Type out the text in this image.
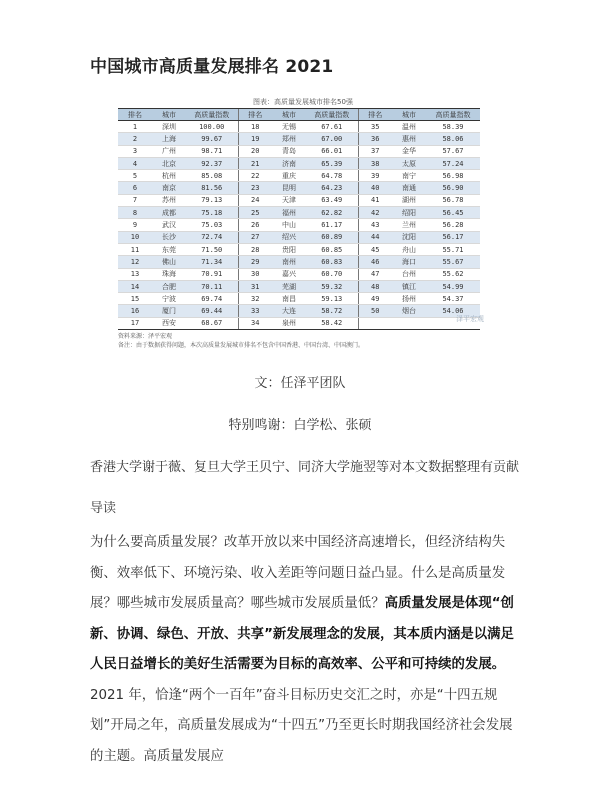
中国城市高质量发展排名 2021
图表：高质量发展城市排名50强
排名	城市	高质量指数	排名	城市	高质量指数	排名	城市	高质量指数
1	深圳	100.00	18	无锡	67.61	35	温州	58.39
2	上海	99.67	19	郑州	67.00	36	惠州	58.06
3	广州	98.71	20	青岛	66.01	37	金华	57.67
4	北京	92.37	21	济南	65.39	38	太原	57.24
5	杭州	85.08	22	重庆	64.78	39	南宁	56.98
6	南京	81.56	23	昆明	64.23	40	南通	56.90
7	苏州	79.13	24	天津	63.49	41	湖州	56.78
8	成都	75.18	25	福州	62.82	42	绍阳	56.45
9	武汉	75.03	26	中山	61.17	43	兰州	56.28
10	长沙	72.74	27	绍兴	60.89	44	沈阳	56.17
11	东莞	71.50	28	贵阳	60.85	45	舟山	55.71
12	佛山	71.34	29	南州	60.83	46	海口	55.67
13	珠海	70.91	30	嘉兴	60.70	47	台州	55.62
14	合肥	70.11	31	芜湖	59.32	48	镇江	54.99
15	宁波	69.74	32	南昌	59.13	49	扬州	54.37
16	厦门	69.44	33	大连	58.72	50	烟台	54.06
17	西安	68.67	34	泉州	58.42			
泽平宏观
资料来源：泽平宏观
备注：由于数据获得问题，本次高质量发展城市排名不包含中国香港、中国台湾、中国澳门。
文：任泽平团队
特别鸣谢：白学松、张硕
香港大学谢于薇、复旦大学王贝宁、同济大学施翌等对本文数据整理有贡献
导读
为什么要高质量发展？改革开放以来中国经济高速增长，但经济结构失衡、效率低下、环境污染、收入差距等问题日益凸显。什么是高质量发展？哪些城市发展质量高？哪些城市发展质量低？高质量发展是体现“创新、协调、绿色、开放、共享”新发展理念的发展，其本质内涵是以满足人民日益增长的美好生活需要为目标的高效率、公平和可持续的发展。2021 年，恰逢“两个一百年”奋斗目标历史交汇之时，亦是“十四五规划”开局之年，高质量发展成为“十四五”乃至更长时期我国经济社会发展的主题。高质量发展应
